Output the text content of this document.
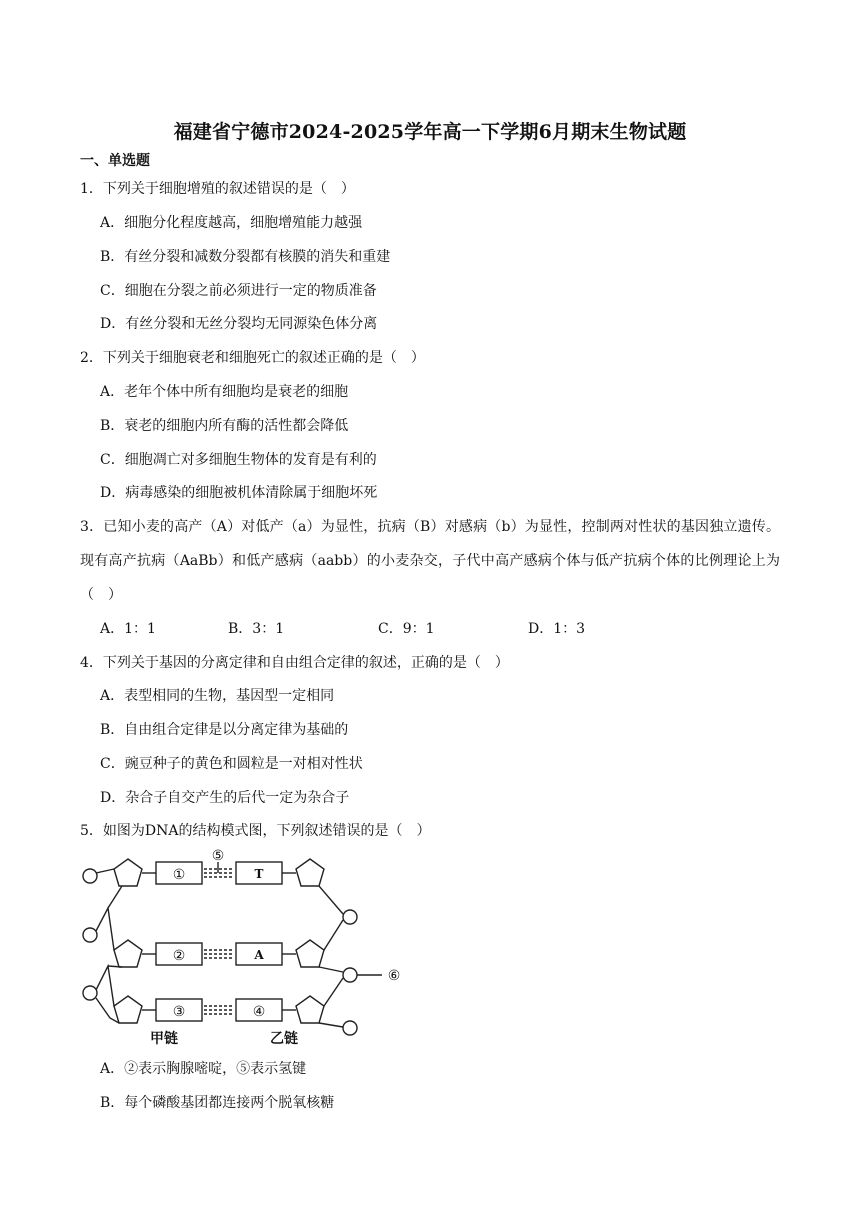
福建省宁德市2024-2025学年高一下学期6月期末生物试题
一、单选题
1．下列关于细胞增殖的叙述错误的是（　）
A．细胞分化程度越高，细胞增殖能力越强
B．有丝分裂和减数分裂都有核膜的消失和重建
C．细胞在分裂之前必须进行一定的物质准备
D．有丝分裂和无丝分裂均无同源染色体分离
2．下列关于细胞衰老和细胞死亡的叙述正确的是（　）
A．老年个体中所有细胞均是衰老的细胞
B．衰老的细胞内所有酶的活性都会降低
C．细胞凋亡对多细胞生物体的发育是有利的
D．病毒感染的细胞被机体清除属于细胞坏死
3．已知小麦的高产（A）对低产（a）为显性，抗病（B）对感病（b）为显性，控制两对性状的基因独立遗传。现有高产抗病（AaBb）和低产感病（aabb）的小麦杂交，子代中高产感病个体与低产抗病个体的比例理论上为（　）
A．1：1	B．3：1	C．9：1	D．1：3
4．下列关于基因的分离定律和自由组合定律的叙述，正确的是（　）
A．表型相同的生物，基因型一定相同
B．自由组合定律是以分离定律为基础的
C．豌豆种子的黄色和圆粒是一对相对性状
D．杂合子自交产生的后代一定为杂合子
5．如图为DNA的结构模式图，下列叙述错误的是（　）
①
②
③
T
A
④
⑤
⑥
甲链	乙链
A．②表示胸腺嘧啶，⑤表示氢键
B．每个磷酸基团都连接两个脱氧核糖
